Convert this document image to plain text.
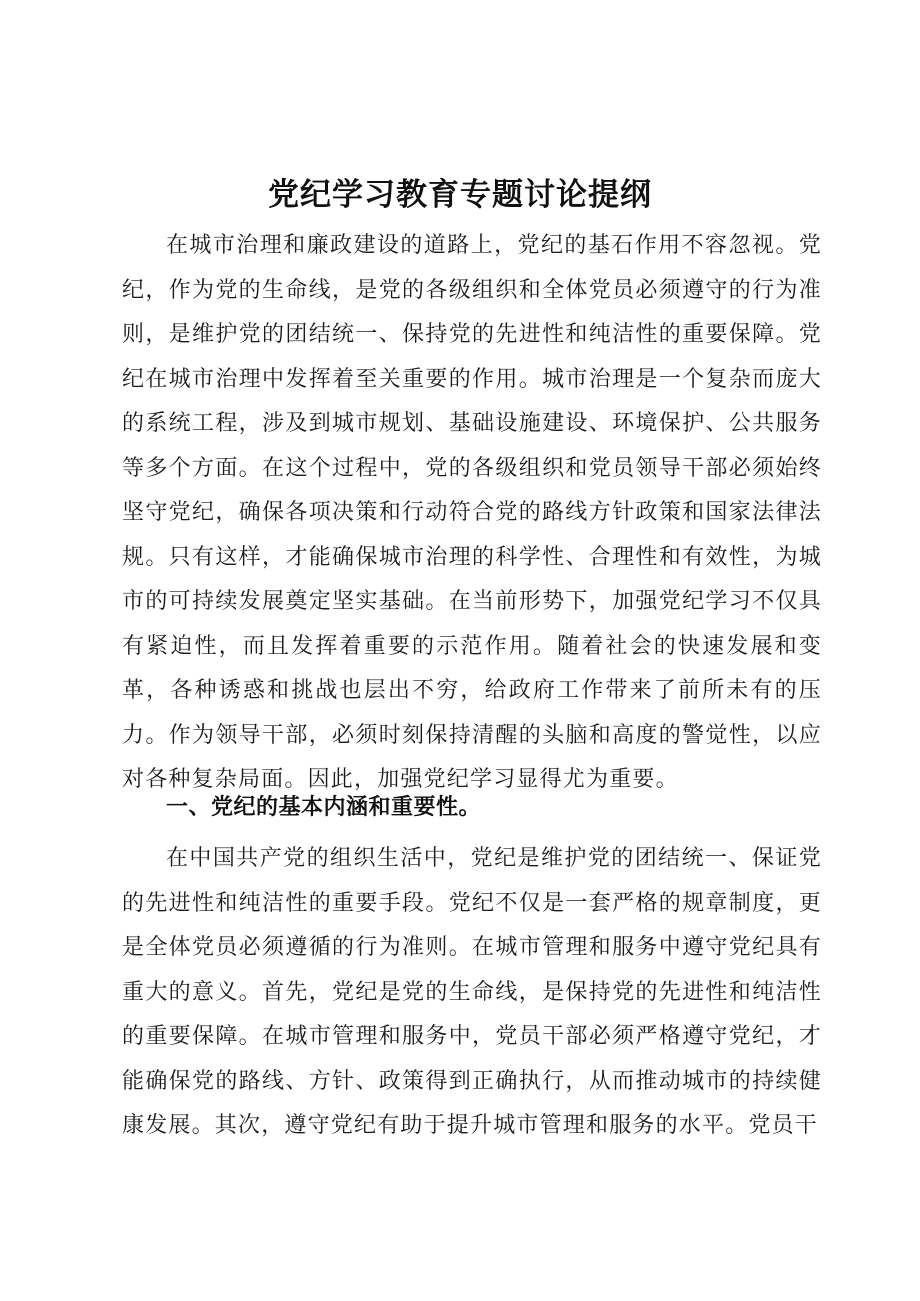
党纪学习教育专题讨论提纲

在城市治理和廉政建设的道路上，党纪的基石作用不容忽视。党纪，作为党的生命线，是党的各级组织和全体党员必须遵守的行为准则，是维护党的团结统一、保持党的先进性和纯洁性的重要保障。党纪在城市治理中发挥着至关重要的作用。城市治理是一个复杂而庞大的系统工程，涉及到城市规划、基础设施建设、环境保护、公共服务等多个方面。在这个过程中，党的各级组织和党员领导干部必须始终坚守党纪，确保各项决策和行动符合党的路线方针政策和国家法律法规。只有这样，才能确保城市治理的科学性、合理性和有效性，为城市的可持续发展奠定坚实基础。在当前形势下，加强党纪学习不仅具有紧迫性，而且发挥着重要的示范作用。随着社会的快速发展和变革，各种诱惑和挑战也层出不穷，给政府工作带来了前所未有的压力。作为领导干部，必须时刻保持清醒的头脑和高度的警觉性，以应对各种复杂局面。因此，加强党纪学习显得尤为重要。

一、党纪的基本内涵和重要性。

在中国共产党的组织生活中，党纪是维护党的团结统一、保证党的先进性和纯洁性的重要手段。党纪不仅是一套严格的规章制度，更是全体党员必须遵循的行为准则。在城市管理和服务中遵守党纪具有重大的意义。首先，党纪是党的生命线，是保持党的先进性和纯洁性的重要保障。在城市管理和服务中，党员干部必须严格遵守党纪，才能确保党的路线、方针、政策得到正确执行，从而推动城市的持续健康发展。其次，遵守党纪有助于提升城市管理和服务的水平。党员干
